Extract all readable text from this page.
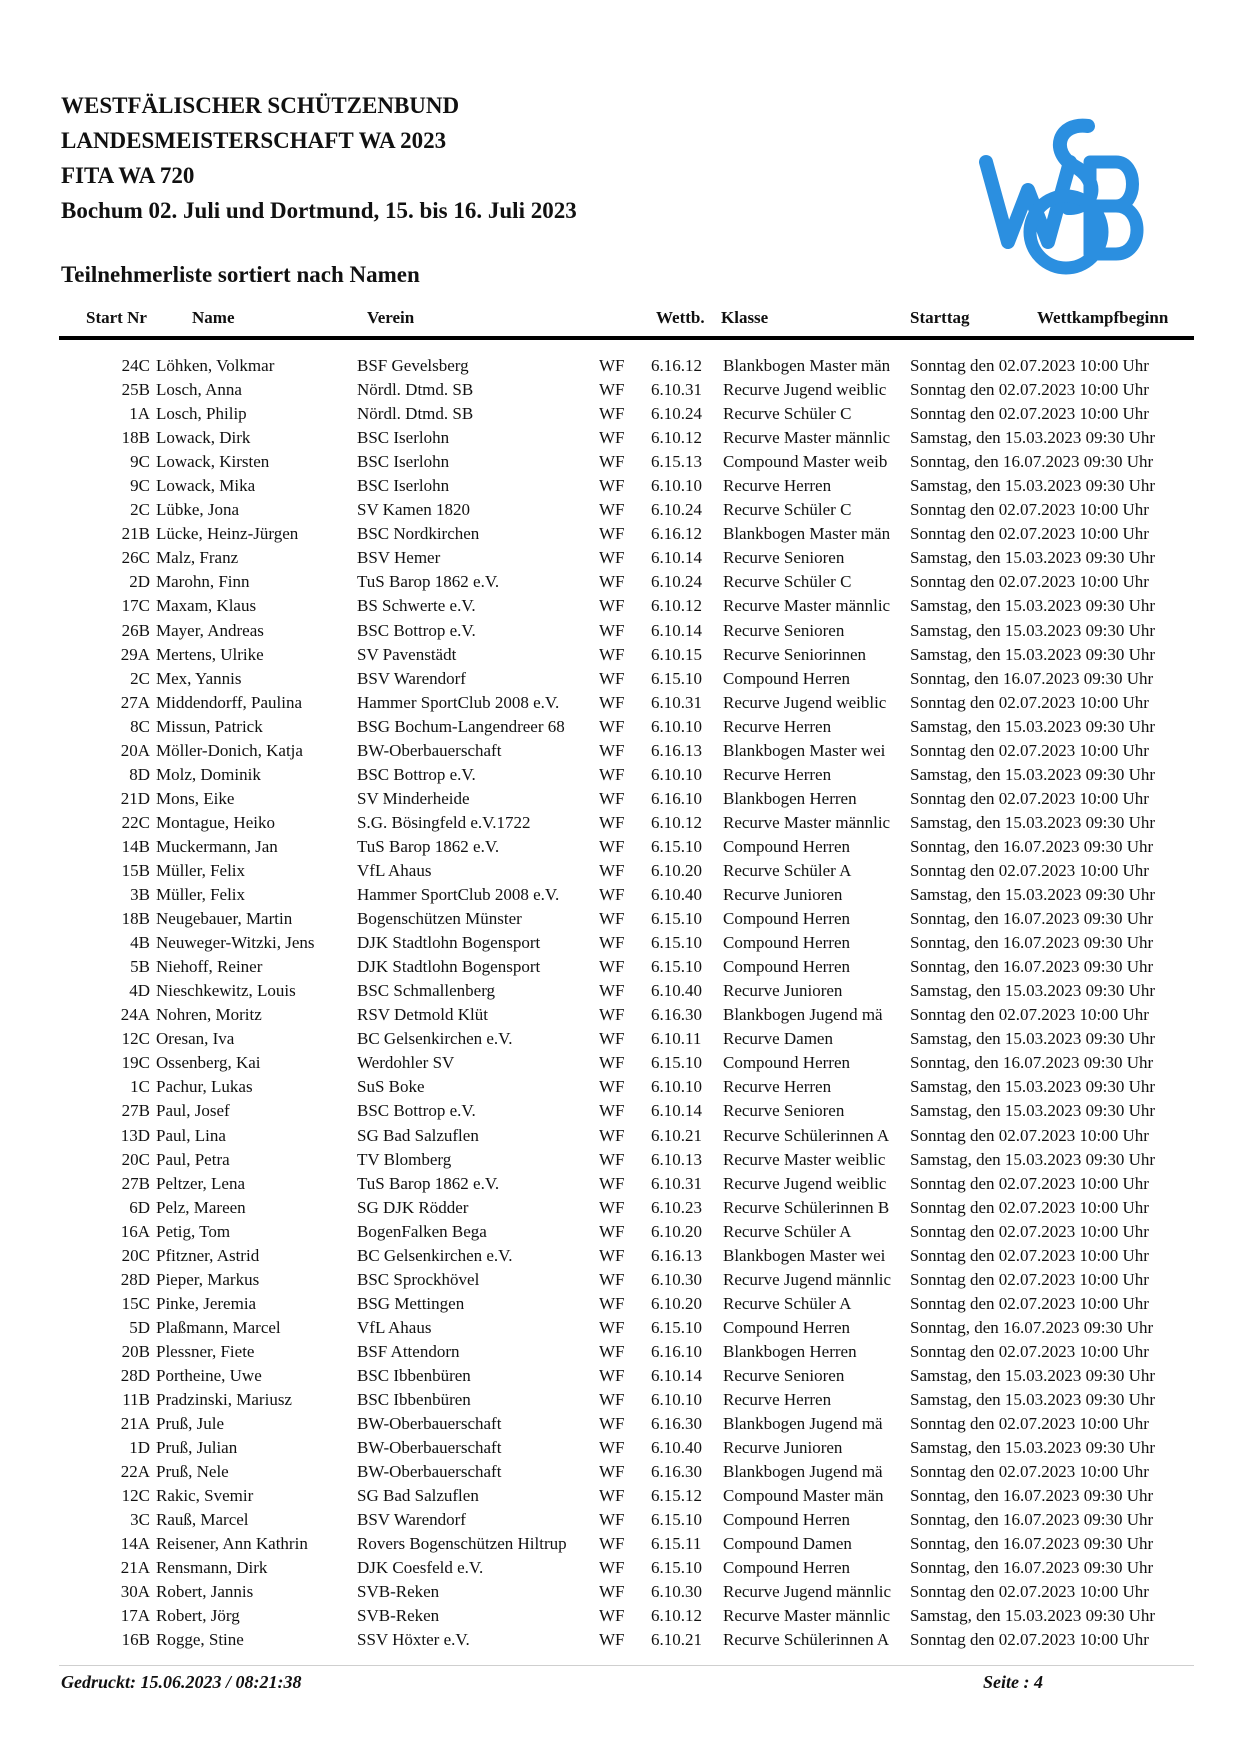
WESTFÄLISCHER SCHÜTZENBUND
LANDESMEISTERSCHAFT WA 2023
FITA WA 720
Bochum 02. Juli und Dortmund, 15. bis 16. Juli 2023
Teilnehmerliste sortiert nach Namen
Start Nr	Name	Verein	Wettb. Klasse	Starttag	Wettkampfbeginn
24C Löhken, Volkmar	BSF Gevelsberg	WF 6.16.12 Blankbogen Master män	Sonntag den 02.07.2023 10:00 Uhr
25B Losch, Anna	Nördl. Dtmd. SB	WF 6.10.31 Recurve Jugend weiblic	Sonntag den 02.07.2023 10:00 Uhr
1A Losch, Philip	Nördl. Dtmd. SB	WF 6.10.24 Recurve Schüler C	Sonntag den 02.07.2023 10:00 Uhr
18B Lowack, Dirk	BSC Iserlohn	WF 6.10.12 Recurve Master männlic	Samstag, den 15.03.2023 09:30 Uhr
9C Lowack, Kirsten	BSC Iserlohn	WF 6.15.13 Compound Master weib	Sonntag, den 16.07.2023 09:30 Uhr
9C Lowack, Mika	BSC Iserlohn	WF 6.10.10 Recurve Herren	Samstag, den 15.03.2023 09:30 Uhr
2C Lübke, Jona	SV Kamen 1820	WF 6.10.24 Recurve Schüler C	Sonntag den 02.07.2023 10:00 Uhr
21B Lücke, Heinz-Jürgen	BSC Nordkirchen	WF 6.16.12 Blankbogen Master män	Sonntag den 02.07.2023 10:00 Uhr
26C Malz, Franz	BSV Hemer	WF 6.10.14 Recurve Senioren	Samstag, den 15.03.2023 09:30 Uhr
2D Marohn, Finn	TuS Barop 1862 e.V.	WF 6.10.24 Recurve Schüler C	Sonntag den 02.07.2023 10:00 Uhr
17C Maxam, Klaus	BS Schwerte e.V.	WF 6.10.12 Recurve Master männlic	Samstag, den 15.03.2023 09:30 Uhr
26B Mayer, Andreas	BSC Bottrop e.V.	WF 6.10.14 Recurve Senioren	Samstag, den 15.03.2023 09:30 Uhr
29A Mertens, Ulrike	SV Pavenstädt	WF 6.10.15 Recurve Seniorinnen	Samstag, den 15.03.2023 09:30 Uhr
2C Mex, Yannis	BSV Warendorf	WF 6.15.10 Compound Herren	Sonntag, den 16.07.2023 09:30 Uhr
27A Middendorff, Paulina	Hammer SportClub 2008 e.V.	WF 6.10.31 Recurve Jugend weiblic	Sonntag den 02.07.2023 10:00 Uhr
8C Missun, Patrick	BSG Bochum-Langendreer 68	WF 6.10.10 Recurve Herren	Samstag, den 15.03.2023 09:30 Uhr
20A Möller-Donich, Katja	BW-Oberbauerschaft	WF 6.16.13 Blankbogen Master wei	Sonntag den 02.07.2023 10:00 Uhr
8D Molz, Dominik	BSC Bottrop e.V.	WF 6.10.10 Recurve Herren	Samstag, den 15.03.2023 09:30 Uhr
21D Mons, Eike	SV Minderheide	WF 6.16.10 Blankbogen Herren	Sonntag den 02.07.2023 10:00 Uhr
22C Montague, Heiko	S.G. Bösingfeld e.V.1722	WF 6.10.12 Recurve Master männlic	Samstag, den 15.03.2023 09:30 Uhr
14B Muckermann, Jan	TuS Barop 1862 e.V.	WF 6.15.10 Compound Herren	Sonntag, den 16.07.2023 09:30 Uhr
15B Müller, Felix	VfL Ahaus	WF 6.10.20 Recurve Schüler A	Sonntag den 02.07.2023 10:00 Uhr
3B Müller, Felix	Hammer SportClub 2008 e.V.	WF 6.10.40 Recurve Junioren	Samstag, den 15.03.2023 09:30 Uhr
18B Neugebauer, Martin	Bogenschützen Münster	WF 6.15.10 Compound Herren	Sonntag, den 16.07.2023 09:30 Uhr
4B Neuweger-Witzki, Jens	DJK Stadtlohn Bogensport	WF 6.15.10 Compound Herren	Sonntag, den 16.07.2023 09:30 Uhr
5B Niehoff, Reiner	DJK Stadtlohn Bogensport	WF 6.15.10 Compound Herren	Sonntag, den 16.07.2023 09:30 Uhr
4D Nieschkewitz, Louis	BSC Schmallenberg	WF 6.10.40 Recurve Junioren	Samstag, den 15.03.2023 09:30 Uhr
24A Nohren, Moritz	RSV Detmold Klüt	WF 6.16.30 Blankbogen Jugend mä	Sonntag den 02.07.2023 10:00 Uhr
12C Oresan, Iva	BC Gelsenkirchen e.V.	WF 6.10.11 Recurve Damen	Samstag, den 15.03.2023 09:30 Uhr
19C Ossenberg, Kai	Werdohler SV	WF 6.15.10 Compound Herren	Sonntag, den 16.07.2023 09:30 Uhr
1C Pachur, Lukas	SuS Boke	WF 6.10.10 Recurve Herren	Samstag, den 15.03.2023 09:30 Uhr
27B Paul, Josef	BSC Bottrop e.V.	WF 6.10.14 Recurve Senioren	Samstag, den 15.03.2023 09:30 Uhr
13D Paul, Lina	SG Bad Salzuflen	WF 6.10.21 Recurve Schülerinnen A	Sonntag den 02.07.2023 10:00 Uhr
20C Paul, Petra	TV Blomberg	WF 6.10.13 Recurve Master weiblic	Samstag, den 15.03.2023 09:30 Uhr
27B Peltzer, Lena	TuS Barop 1862 e.V.	WF 6.10.31 Recurve Jugend weiblic	Sonntag den 02.07.2023 10:00 Uhr
6D Pelz, Mareen	SG DJK Rödder	WF 6.10.23 Recurve Schülerinnen B	Sonntag den 02.07.2023 10:00 Uhr
16A Petig, Tom	BogenFalken Bega	WF 6.10.20 Recurve Schüler A	Sonntag den 02.07.2023 10:00 Uhr
20C Pfitzner, Astrid	BC Gelsenkirchen e.V.	WF 6.16.13 Blankbogen Master wei	Sonntag den 02.07.2023 10:00 Uhr
28D Pieper, Markus	BSC Sprockhövel	WF 6.10.30 Recurve Jugend männlic	Sonntag den 02.07.2023 10:00 Uhr
15C Pinke, Jeremia	BSG Mettingen	WF 6.10.20 Recurve Schüler A	Sonntag den 02.07.2023 10:00 Uhr
5D Plaßmann, Marcel	VfL Ahaus	WF 6.15.10 Compound Herren	Sonntag, den 16.07.2023 09:30 Uhr
20B Plessner, Fiete	BSF Attendorn	WF 6.16.10 Blankbogen Herren	Sonntag den 02.07.2023 10:00 Uhr
28D Portheine, Uwe	BSC Ibbenbüren	WF 6.10.14 Recurve Senioren	Samstag, den 15.03.2023 09:30 Uhr
11B Pradzinski, Mariusz	BSC Ibbenbüren	WF 6.10.10 Recurve Herren	Samstag, den 15.03.2023 09:30 Uhr
21A Pruß, Jule	BW-Oberbauerschaft	WF 6.16.30 Blankbogen Jugend mä	Sonntag den 02.07.2023 10:00 Uhr
1D Pruß, Julian	BW-Oberbauerschaft	WF 6.10.40 Recurve Junioren	Samstag, den 15.03.2023 09:30 Uhr
22A Pruß, Nele	BW-Oberbauerschaft	WF 6.16.30 Blankbogen Jugend mä	Sonntag den 02.07.2023 10:00 Uhr
12C Rakic, Svemir	SG Bad Salzuflen	WF 6.15.12 Compound Master män	Sonntag, den 16.07.2023 09:30 Uhr
3C Rauß, Marcel	BSV Warendorf	WF 6.15.10 Compound Herren	Sonntag, den 16.07.2023 09:30 Uhr
14A Reisener, Ann Kathrin	Rovers Bogenschützen Hiltrup	WF 6.15.11 Compound Damen	Sonntag, den 16.07.2023 09:30 Uhr
21A Rensmann, Dirk	DJK Coesfeld e.V.	WF 6.15.10 Compound Herren	Sonntag, den 16.07.2023 09:30 Uhr
30A Robert, Jannis	SVB-Reken	WF 6.10.30 Recurve Jugend männlic	Sonntag den 02.07.2023 10:00 Uhr
17A Robert, Jörg	SVB-Reken	WF 6.10.12 Recurve Master männlic	Samstag, den 15.03.2023 09:30 Uhr
16B Rogge, Stine	SSV Höxter e.V.	WF 6.10.21 Recurve Schülerinnen A	Sonntag den 02.07.2023 10:00 Uhr
Gedruckt: 15.06.2023 / 08:21:38	Seite : 4
